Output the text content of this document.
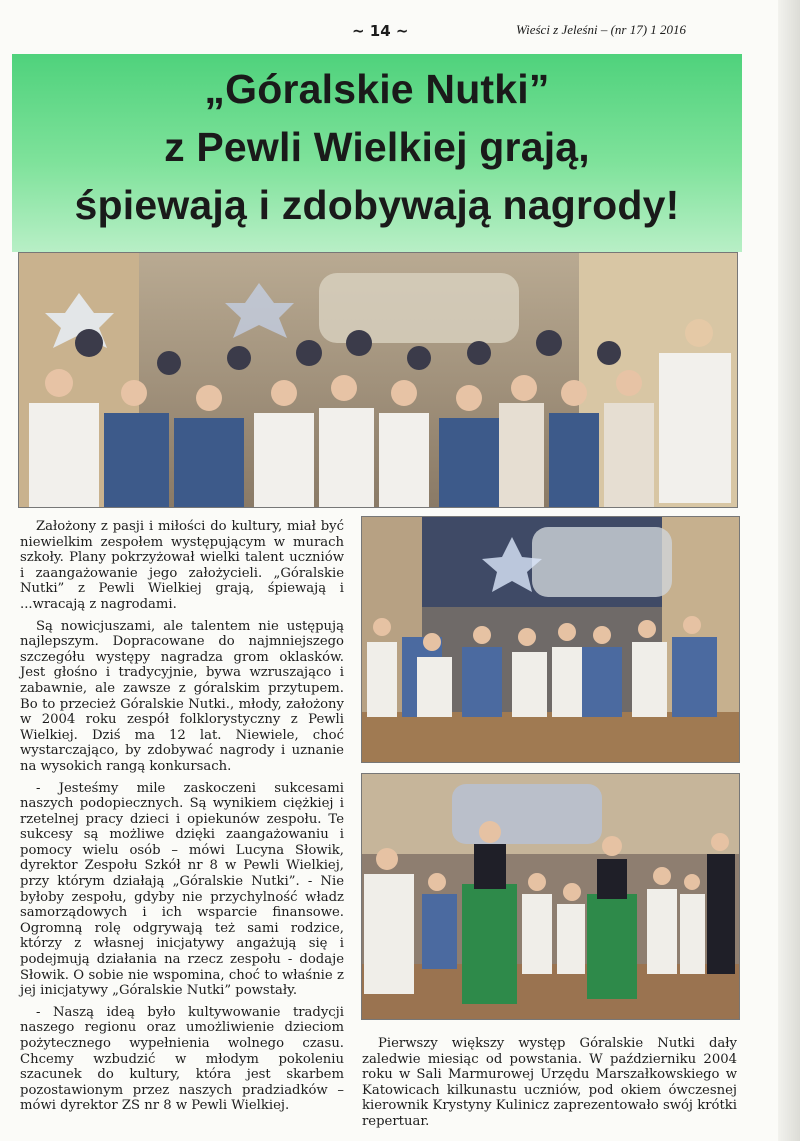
~ 14 ~	Wieści z Jeleśni – (nr 17) 1 2016
„Góralskie Nutki”
z Pewli Wielkiej grają,
śpiewają i zdobywają nagrody!

Założony z pasji i miłości do kultury, miał być niewielkim zespołem występującym w murach szkoły. Plany pokrzyżował wielki talent uczniów i zaangażowanie jego założycieli. „Góralskie Nutki” z Pewli Wielkiej grają, śpiewają i ...wracają z nagrodami.

Są nowicjuszami, ale talentem nie ustępują najlepszym. Dopracowane do najmniejszego szczegółu występy nagradza grom oklasków. Jest głośno i tradycyjnie, bywa wzruszająco i zabawnie, ale zawsze z góralskim przytupem. Bo to przecież Góralskie Nutki., młody, założony w 2004 roku zespół folklorystyczny z Pewli Wielkiej. Dziś ma 12 lat. Niewiele, choć wystarczająco, by zdobywać nagrody i uznanie na wysokich rangą konkursach.

- Jesteśmy mile zaskoczeni sukcesami naszych podopiecznych. Są wynikiem ciężkiej i rzetelnej pracy dzieci i opiekunów zespołu. Te sukcesy są możliwe dzięki zaangażowaniu i pomocy wielu osób – mówi Lucyna Słowik, dyrektor Zespołu Szkół nr 8 w Pewli Wielkiej, przy którym działają „Góralskie Nutki”. - Nie byłoby zespołu, gdyby nie przychylność władz samorządowych i ich wsparcie finansowe. Ogromną rolę odgrywają też sami rodzice, którzy z własnej inicjatywy angażują się i podejmują działania na rzecz zespołu - dodaje Słowik. O sobie nie wspomina, choć to właśnie z jej inicjatywy „Góralskie Nutki” powstały.

- Naszą ideą było kultywowanie tradycji naszego regionu oraz umożliwienie dzieciom pożytecznego wypełnienia wolnego czasu. Chcemy wzbudzić w młodym pokoleniu szacunek do kultury, która jest skarbem pozostawionym przez naszych pradziadków – mówi dyrektor ZS nr 8 w Pewli Wielkiej.

Pierwszy większy występ Góralskie Nutki dały zaledwie miesiąc od powstania. W październiku 2004 roku w Sali Marmurowej Urzędu Marszałkowskiego w Katowicach kilkunastu uczniów, pod okiem ówczesnej kierownik Krystyny Kulinicz zaprezentowało swój krótki repertuar.
